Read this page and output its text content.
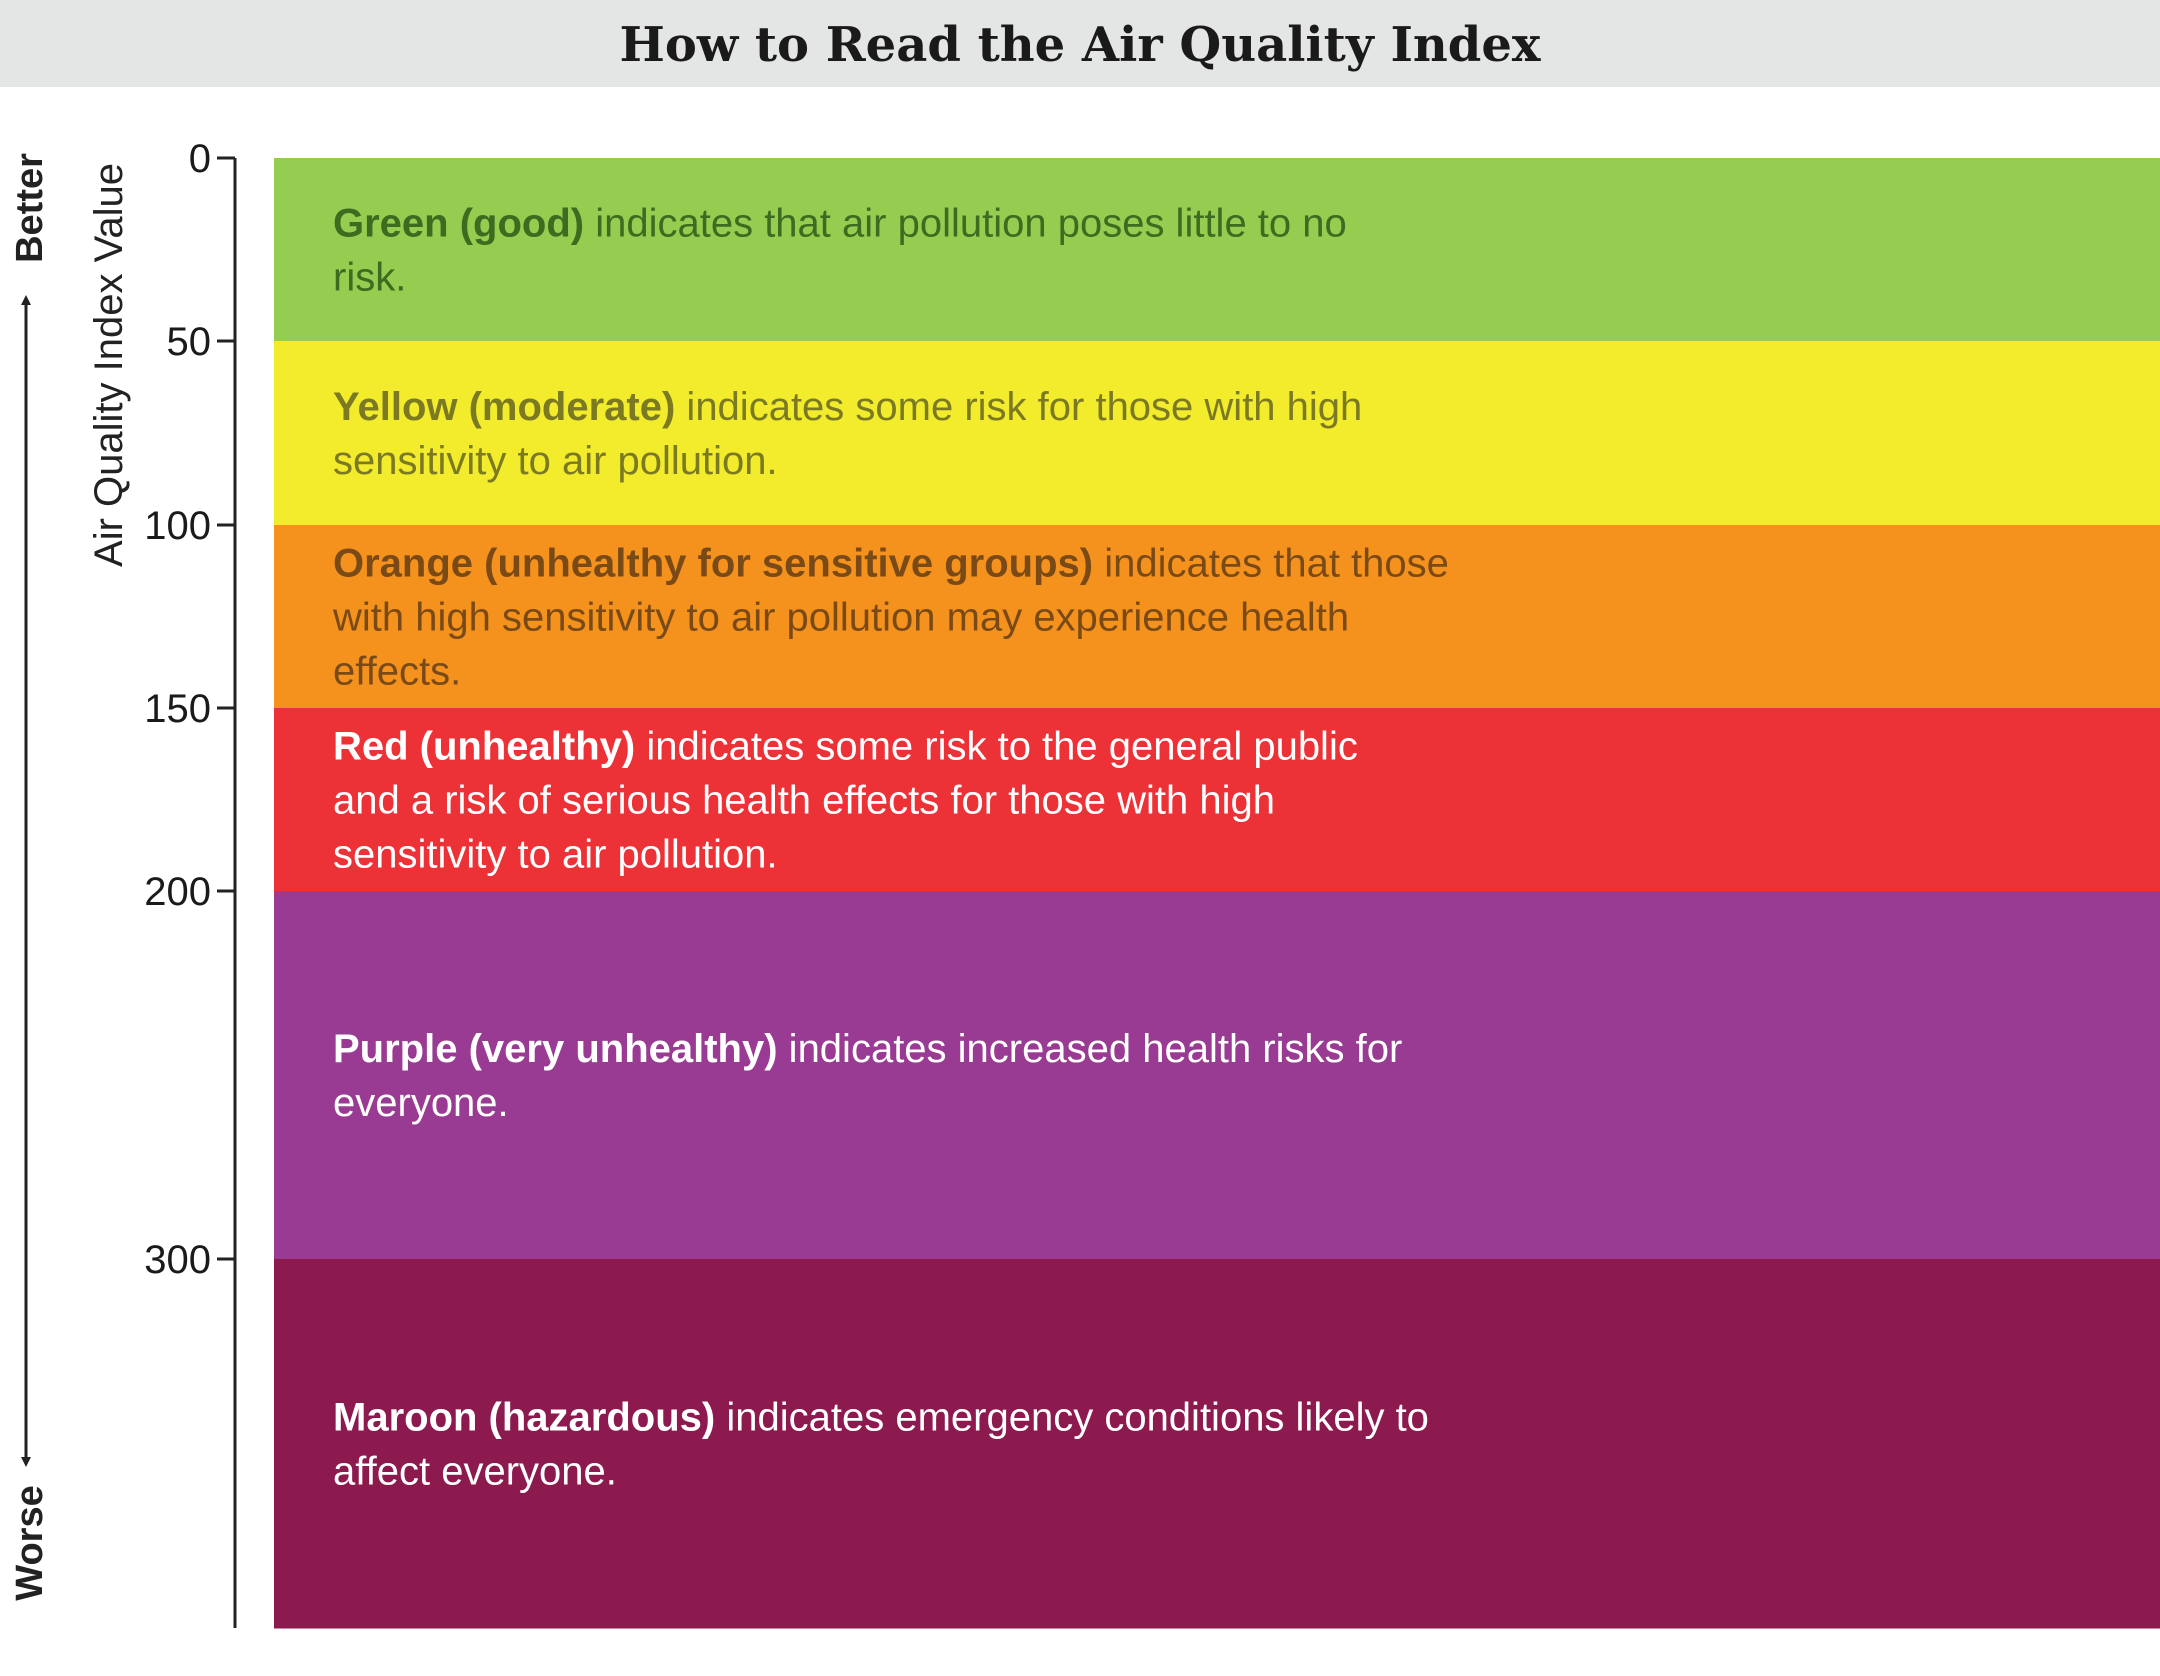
How to Read the Air Quality Index
Green (good) indicates that air pollution poses little to no risk.
Yellow (moderate) indicates some risk for those with high sensitivity to air pollution.
Orange (unhealthy for sensitive groups) indicates that those with high sensitivity to air pollution may experience health effects.
Red (unhealthy) indicates some risk to the general public and a risk of serious health effects for those with high sensitivity to air pollution.
Purple (very unhealthy) indicates increased health risks for everyone.
Maroon (hazardous) indicates emergency conditions likely to affect everyone.
0
50
100
150
200
300
Better
Worse
Air Quality Index Value
